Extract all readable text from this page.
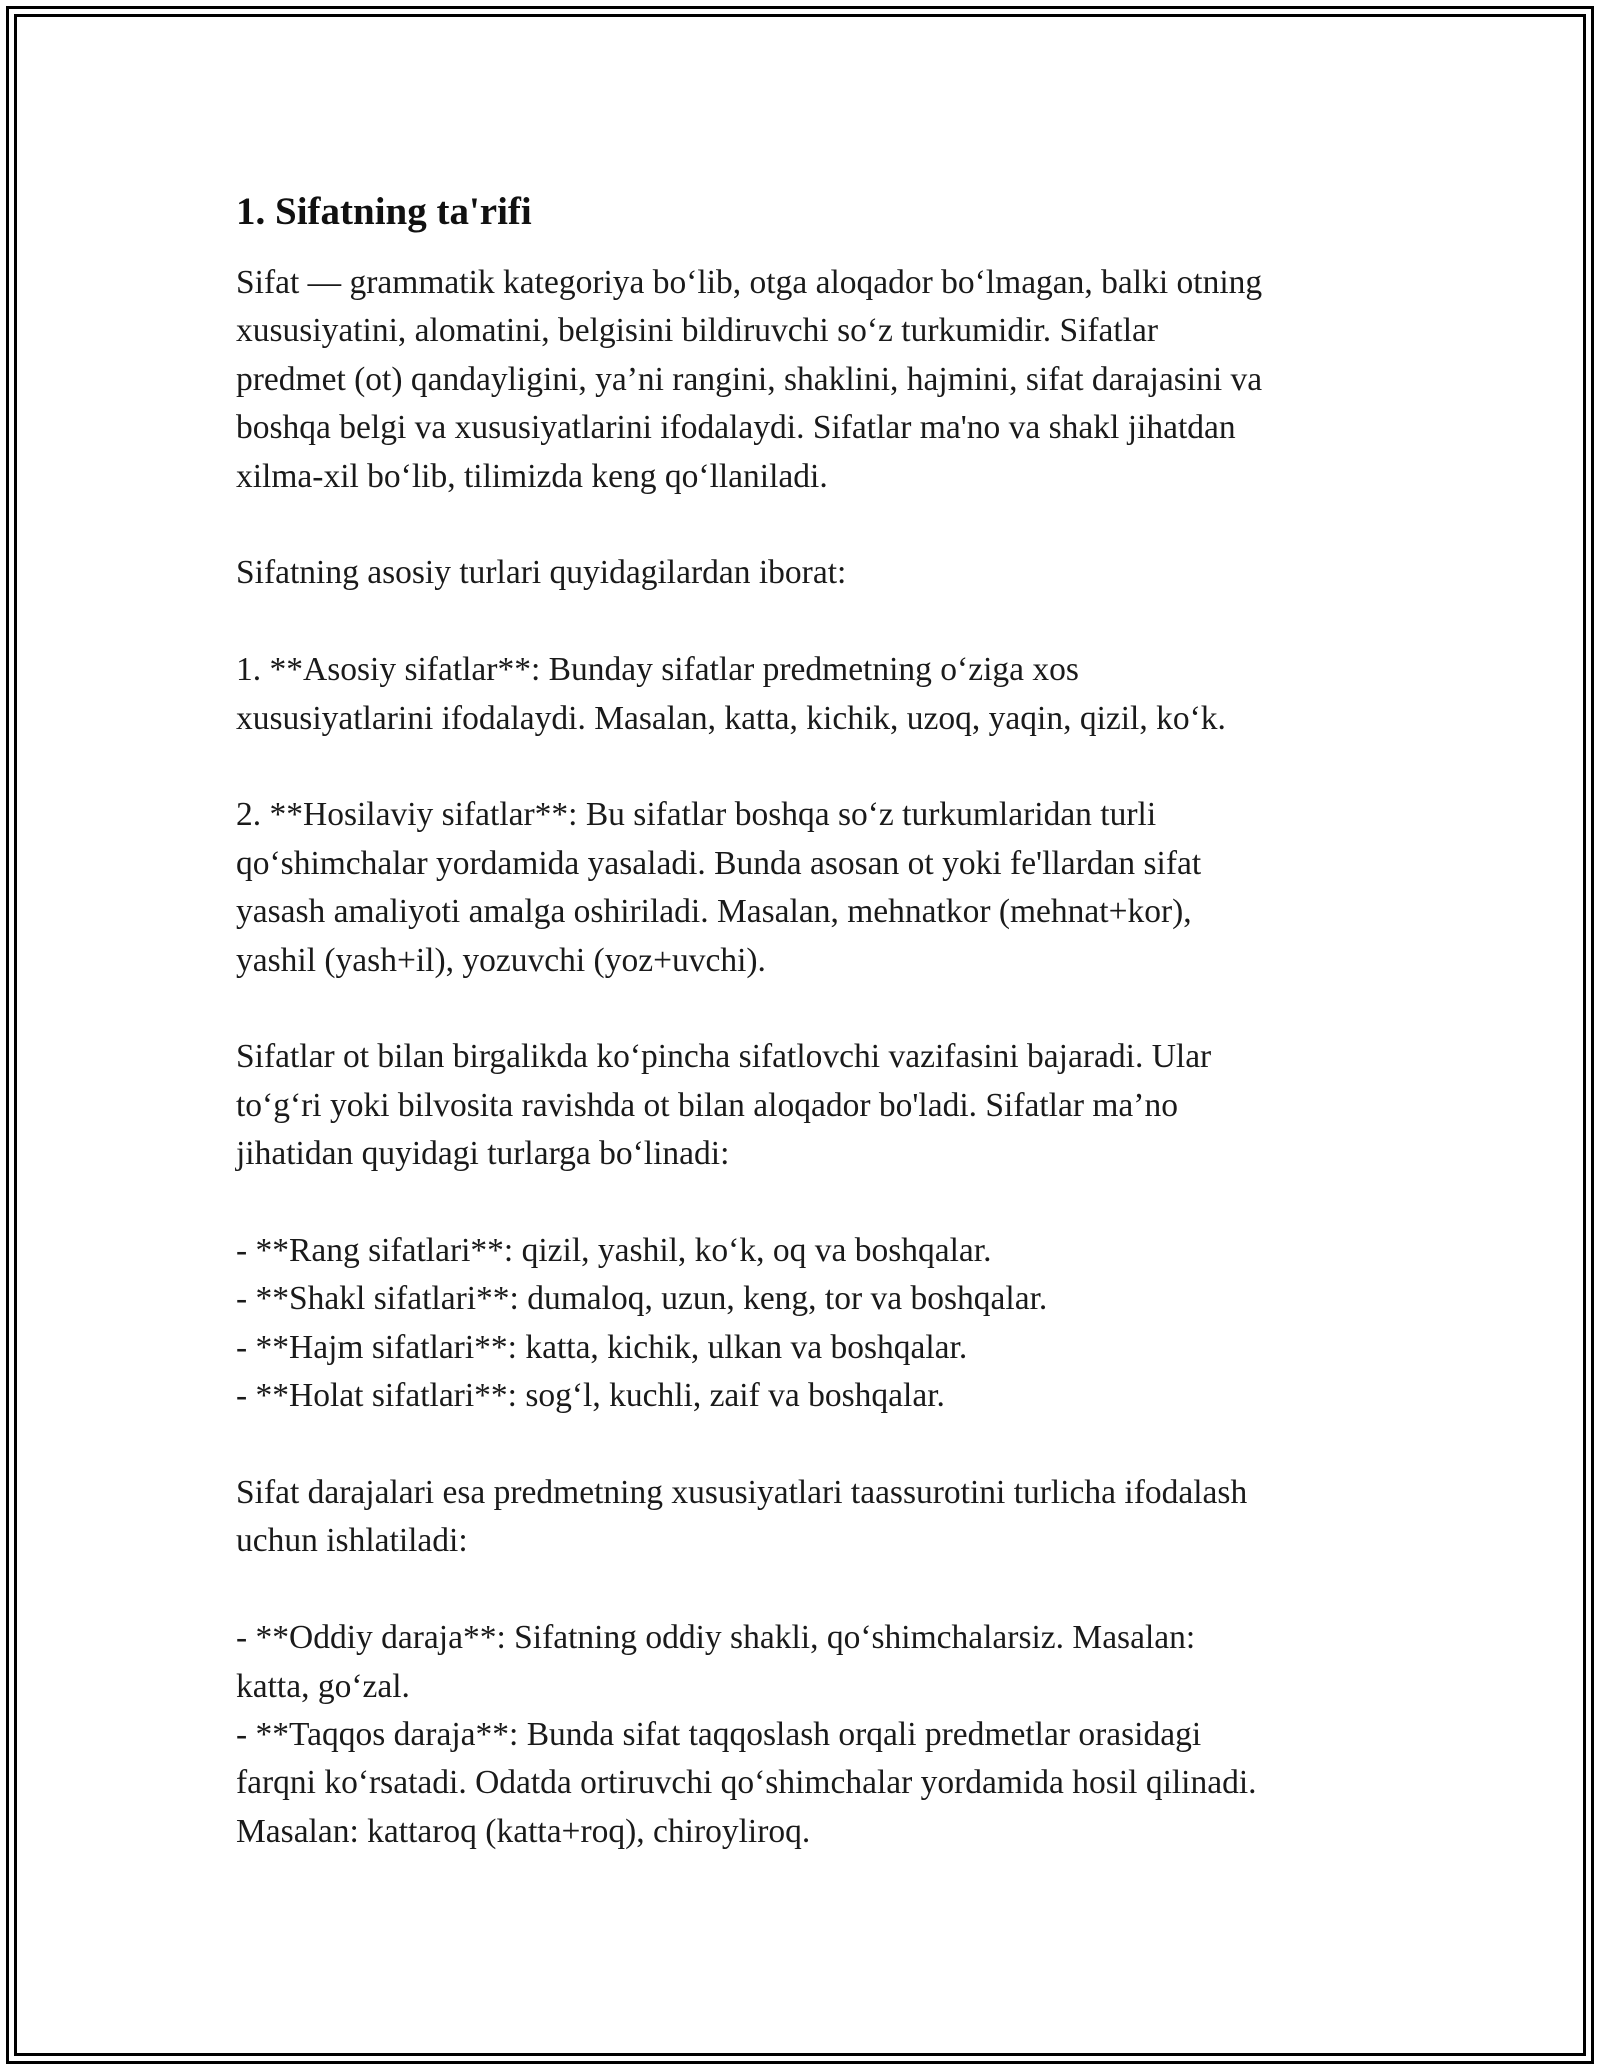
1. Sifatning ta'rifi

Sifat — grammatik kategoriya bo‘lib, otga aloqador bo‘lmagan, balki otning
xususiyatini, alomatini, belgisini bildiruvchi so‘z turkumidir. Sifatlar
predmet (ot) qandayligini, ya’ni rangini, shaklini, hajmini, sifat darajasini va
boshqa belgi va xususiyatlarini ifodalaydi. Sifatlar ma'no va shakl jihatdan
xilma-xil bo‘lib, tilimizda keng qo‘llaniladi.

Sifatning asosiy turlari quyidagilardan iborat:

1. **Asosiy sifatlar**: Bunday sifatlar predmetning o‘ziga xos
xususiyatlarini ifodalaydi. Masalan, katta, kichik, uzoq, yaqin, qizil, ko‘k.

2. **Hosilaviy sifatlar**: Bu sifatlar boshqa so‘z turkumlaridan turli
qo‘shimchalar yordamida yasaladi. Bunda asosan ot yoki fe'llardan sifat
yasash amaliyoti amalga oshiriladi. Masalan, mehnatkor (mehnat+kor),
yashil (yash+il), yozuvchi (yoz+uvchi).

Sifatlar ot bilan birgalikda ko‘pincha sifatlovchi vazifasini bajaradi. Ular
to‘g‘ri yoki bilvosita ravishda ot bilan aloqador bo'ladi. Sifatlar ma’no
jihatidan quyidagi turlarga bo‘linadi:

- **Rang sifatlari**: qizil, yashil, ko‘k, oq va boshqalar.
- **Shakl sifatlari**: dumaloq, uzun, keng, tor va boshqalar.
- **Hajm sifatlari**: katta, kichik, ulkan va boshqalar.
- **Holat sifatlari**: sog‘l, kuchli, zaif va boshqalar.

Sifat darajalari esa predmetning xususiyatlari taassurotini turlicha ifodalash
uchun ishlatiladi:

- **Oddiy daraja**: Sifatning oddiy shakli, qo‘shimchalarsiz. Masalan:
katta, go‘zal.
- **Taqqos daraja**: Bunda sifat taqqoslash orqali predmetlar orasidagi
farqni ko‘rsatadi. Odatda ortiruvchi qo‘shimchalar yordamida hosil qilinadi.
Masalan: kattaroq (katta+roq), chiroyliroq.
